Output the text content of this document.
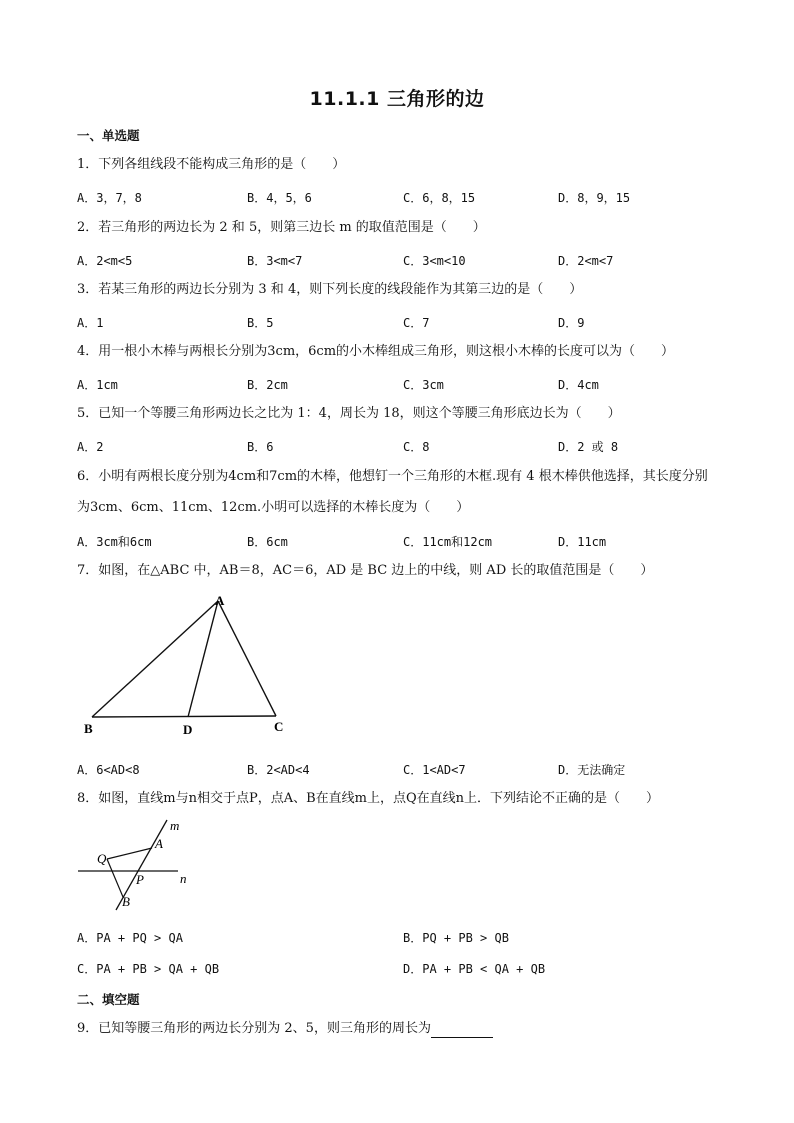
11.1.1 三角形的边
一、单选题
1．下列各组线段不能构成三角形的是（　　）
A．3，7，8	B．4，5，6	C．6，8，15	D．8，9，15
2．若三角形的两边长为 2 和 5，则第三边长 m 的取值范围是（　　）
A．2<m<5	B．3<m<7	C．3<m<10	D．2<m<7
3．若某三角形的两边长分别为 3 和 4，则下列长度的线段能作为其第三边的是（　　）
A．1	B．5	C．7	D．9
4．用一根小木棒与两根长分别为3cm，6cm的小木棒组成三角形，则这根小木棒的长度可以为（　　）
A．1cm	B．2cm	C．3cm	D．4cm
5．已知一个等腰三角形两边长之比为 1：4，周长为 18，则这个等腰三角形底边长为（　　）
A．2	B．6	C．8	D．2 或 8
6．小明有两根长度分别为4cm和7cm的木棒，他想钉一个三角形的木框.现有 4 根木棒供他选择，其长度分别为3cm、6cm、11cm、12cm.小明可以选择的木棒长度为（　　）
A．3cm和6cm	B．6cm	C．11cm和12cm	D．11cm
7．如图，在△ABC 中，AB＝8，AC＝6，AD 是 BC 边上的中线，则 AD 长的取值范围是（　　）
A
B	C
D
A．6<AD<8	B．2<AD<4	C．1<AD<7	D．无法确定
8．如图，直线m与n相交于点P，点A、B在直线m上，点Q在直线n上．下列结论不正确的是（　　）
m
n
Q
A
P
B
A．PA + PQ > QA	B．PQ + PB > QB
C．PA + PB > QA + QB	D．PA + PB < QA + QB
二、填空题
9．已知等腰三角形的两边长分别为 2、5，则三角形的周长为
